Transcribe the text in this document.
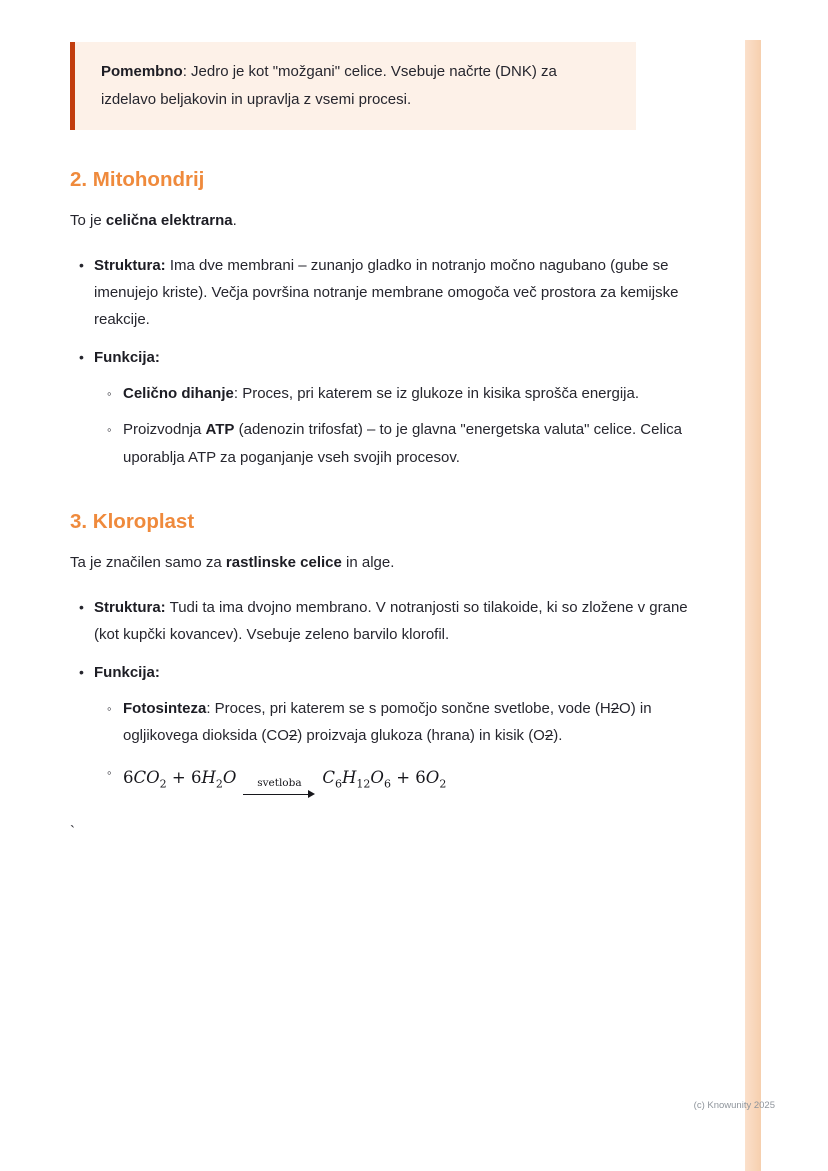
Pomembno: Jedro je kot "možgani" celice. Vsebuje načrte (DNK) za izdelavo beljakovin in upravlja z vsemi procesi.

2. Mitohondrij

To je celična elektrarna.

•
Struktura: Ima dve membrani – zunanjo gladko in notranjo močno nagubano (gube se imenujejo kriste). Večja površina notranje membrane omogoča več prostora za kemijske reakcije.
•
Funkcija:
◦
Celično dihanje: Proces, pri katerem se iz glukoze in kisika sprošča energija.
◦
Proizvodnja ATP (adenozin trifosfat) – to je glavna "energetska valuta" celice. Celica uporablja ATP za poganjanje vseh svojih procesov.
3. Kloroplast

Ta je značilen samo za rastlinske celice in alge.

•
Struktura: Tudi ta ima dvojno membrano. V notranjosti so tilakoide, ki so zložene v grane (kot kupčki kovancev). Vsebuje zeleno barvilo klorofil.
•
Funkcija:
◦
Fotosinteza: Proces, pri katerem se s pomočjo sončne svetlobe, vode (H2O) in ogljikovega dioksida (CO2) proizvaja glukoza (hrana) in kisik (O2).
◦
$6CO_2 + 6H_2O$ svetloba $C_6H_{12}O_6 + 6O_2$
`
(c) Knowunity 2025
